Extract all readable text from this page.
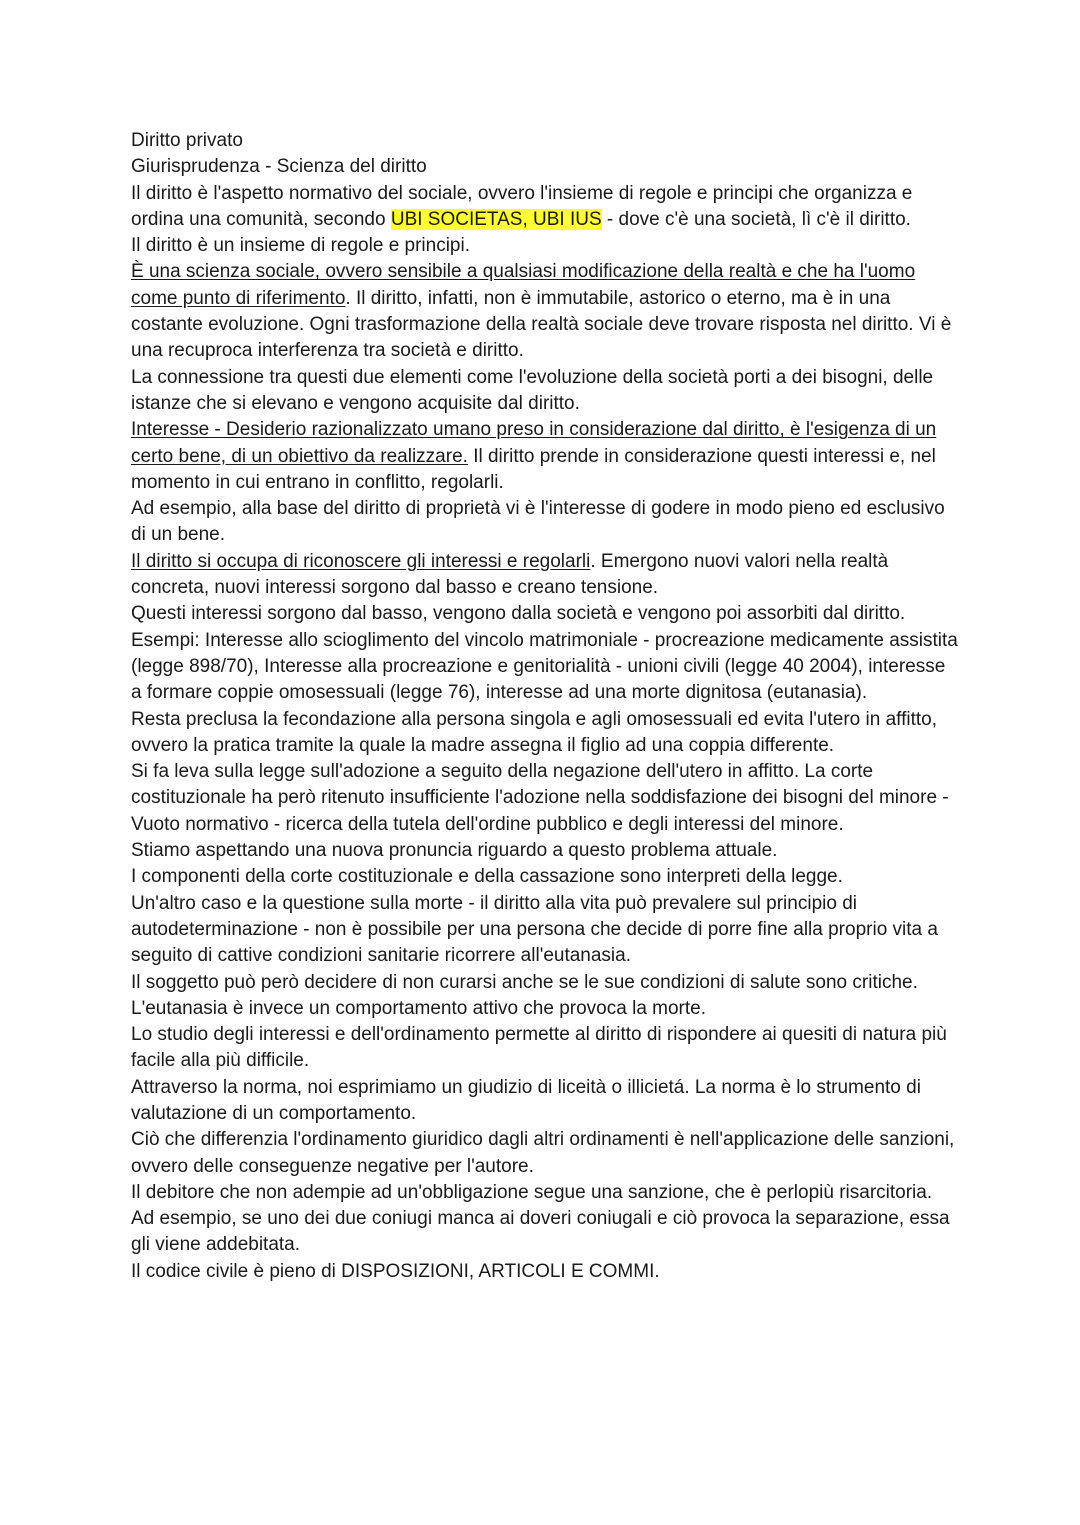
Diritto privato

Giurisprudenza - Scienza del diritto

Il diritto è l'aspetto normativo del sociale, ovvero l'insieme di regole e principi che organizza e ordina una comunità, secondo UBI SOCIETAS, UBI IUS - dove c'è una società, lì c'è il diritto.

Il diritto è un insieme di regole e principi.

È una scienza sociale, ovvero sensibile a qualsiasi modificazione della realtà e che ha l'uomo come punto di riferimento. Il diritto, infatti, non è immutabile, astorico o eterno, ma è in una costante evoluzione. Ogni trasformazione della realtà sociale deve trovare risposta nel diritto. Vi è una recuproca interferenza tra società e diritto.

La connessione tra questi due elementi come l'evoluzione della società porti a dei bisogni, delle istanze che si elevano e vengono acquisite dal diritto.

Interesse - Desiderio razionalizzato umano preso in considerazione dal diritto, è l'esigenza di un certo bene, di un obiettivo da realizzare. Il diritto prende in considerazione questi interessi e, nel momento in cui entrano in conflitto, regolarli.

Ad esempio, alla base del diritto di proprietà vi è l'interesse di godere in modo pieno ed esclusivo di un bene.

Il diritto si occupa di riconoscere gli interessi e regolarli. Emergono nuovi valori nella realtà concreta, nuovi interessi sorgono dal basso e creano tensione.

Questi interessi sorgono dal basso, vengono dalla società e vengono poi assorbiti dal diritto.

Esempi: Interesse allo scioglimento del vincolo matrimoniale - procreazione medicamente assistita (legge 898/70), Interesse alla procreazione e genitorialità - unioni civili (legge 40 2004), interesse a formare coppie omosessuali (legge 76), interesse ad una morte dignitosa (eutanasia).

Resta preclusa la fecondazione alla persona singola e agli omosessuali ed evita l'utero in affitto, ovvero la pratica tramite la quale la madre assegna il figlio ad una coppia differente.

Si fa leva sulla legge sull'adozione a seguito della negazione dell'utero in affitto. La corte costituzionale ha però ritenuto insufficiente l'adozione nella soddisfazione dei bisogni del minore - Vuoto normativo - ricerca della tutela dell'ordine pubblico e degli interessi del minore.

Stiamo aspettando una nuova pronuncia riguardo a questo problema attuale.

I componenti della corte costituzionale e della cassazione sono interpreti della legge.

Un'altro caso e la questione sulla morte - il diritto alla vita può prevalere sul principio di autodeterminazione - non è possibile per una persona che decide di porre fine alla proprio vita a seguito di cattive condizioni sanitarie ricorrere all'eutanasia.

Il soggetto può però decidere di non curarsi anche se le sue condizioni di salute sono critiche. L'eutanasia è invece un comportamento attivo che provoca la morte.

Lo studio degli interessi e dell'ordinamento permette al diritto di rispondere ai quesiti di natura più facile alla più difficile.

Attraverso la norma, noi esprimiamo un giudizio di liceità o illicietá. La norma è lo strumento di valutazione di un comportamento.

Ciò che differenzia l'ordinamento giuridico dagli altri ordinamenti è nell'applicazione delle sanzioni, ovvero delle conseguenze negative per l'autore.

Il debitore che non adempie ad un'obbligazione segue una sanzione, che è perlopiù risarcitoria.

Ad esempio, se uno dei due coniugi manca ai doveri coniugali e ciò provoca la separazione, essa gli viene addebitata.

Il codice civile è pieno di DISPOSIZIONI, ARTICOLI E COMMI.
